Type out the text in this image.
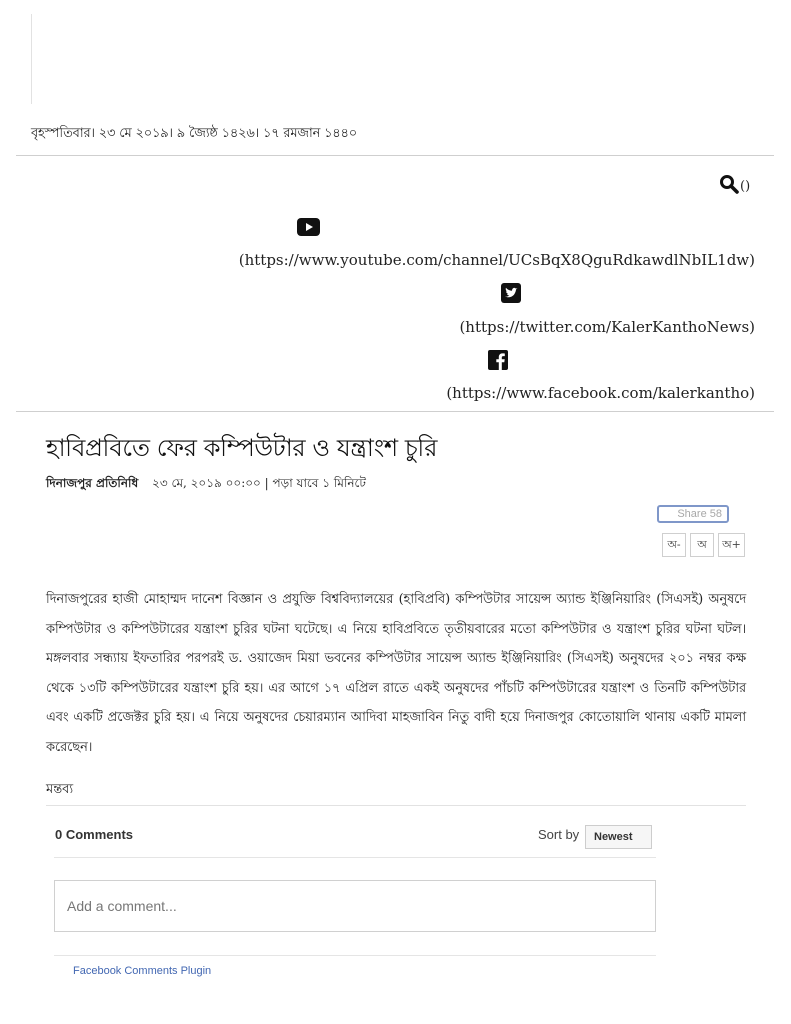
বৃহস্পতিবার। ২৩ মে ২০১৯। ৯ জ্যৈষ্ঠ ১৪২৬। ১৭ রমজান ১৪৪০
()
(https://www.youtube.com/channel/UCsBqX8QguRdkawdlNbIL1dw)
(https://twitter.com/KalerKanthoNews)
(https://www.facebook.com/kalerkantho)
হাবিপ্রবিতে ফের কম্পিউটার ও যন্ত্রাংশ চুরি
দিনাজপুর প্রতিনিধি ২৩ মে, ২০১৯ ০০:০০ | পড়া যাবে ১ মিনিটে
Share 58
অ-	অ	অ+

দিনাজপুরের হাজী মোহাম্মদ দানেশ বিজ্ঞান ও প্রযুক্তি বিশ্ববিদ্যালয়ের (হাবিপ্রবি) কম্পিউটার সায়েন্স অ্যান্ড ইঞ্জিনিয়ারিং (সিএসই) অনুষদে কম্পিউটার ও কম্পিউটারের যন্ত্রাংশ চুরির ঘটনা ঘটেছে। এ নিয়ে হাবিপ্রবিতে তৃতীয়বারের মতো কম্পিউটার ও যন্ত্রাংশ চুরির ঘটনা ঘটল। মঙ্গলবার সন্ধ্যায় ইফতারির পরপরই ড. ওয়াজেদ মিয়া ভবনের কম্পিউটার সায়েন্স অ্যান্ড ইঞ্জিনিয়ারিং (সিএসই) অনুষদের ২০১ নম্বর কক্ষ থেকে ১৩টি কম্পিউটারের যন্ত্রাংশ চুরি হয়। এর আগে ১৭ এপ্রিল রাতে একই অনুষদের পাঁচটি কম্পিউটারের যন্ত্রাংশ ও তিনটি কম্পিউটার এবং একটি প্রজেক্টর চুরি হয়। এ নিয়ে অনুষদের চেয়ারম্যান আদিবা মাহজাবিন নিতু বাদী হয়ে দিনাজপুর কোতোয়ালি থানায় একটি মামলা করেছেন।

মন্তব্য
0 Comments	Sort by	Newest
Add a comment...
Facebook Comments Plugin
